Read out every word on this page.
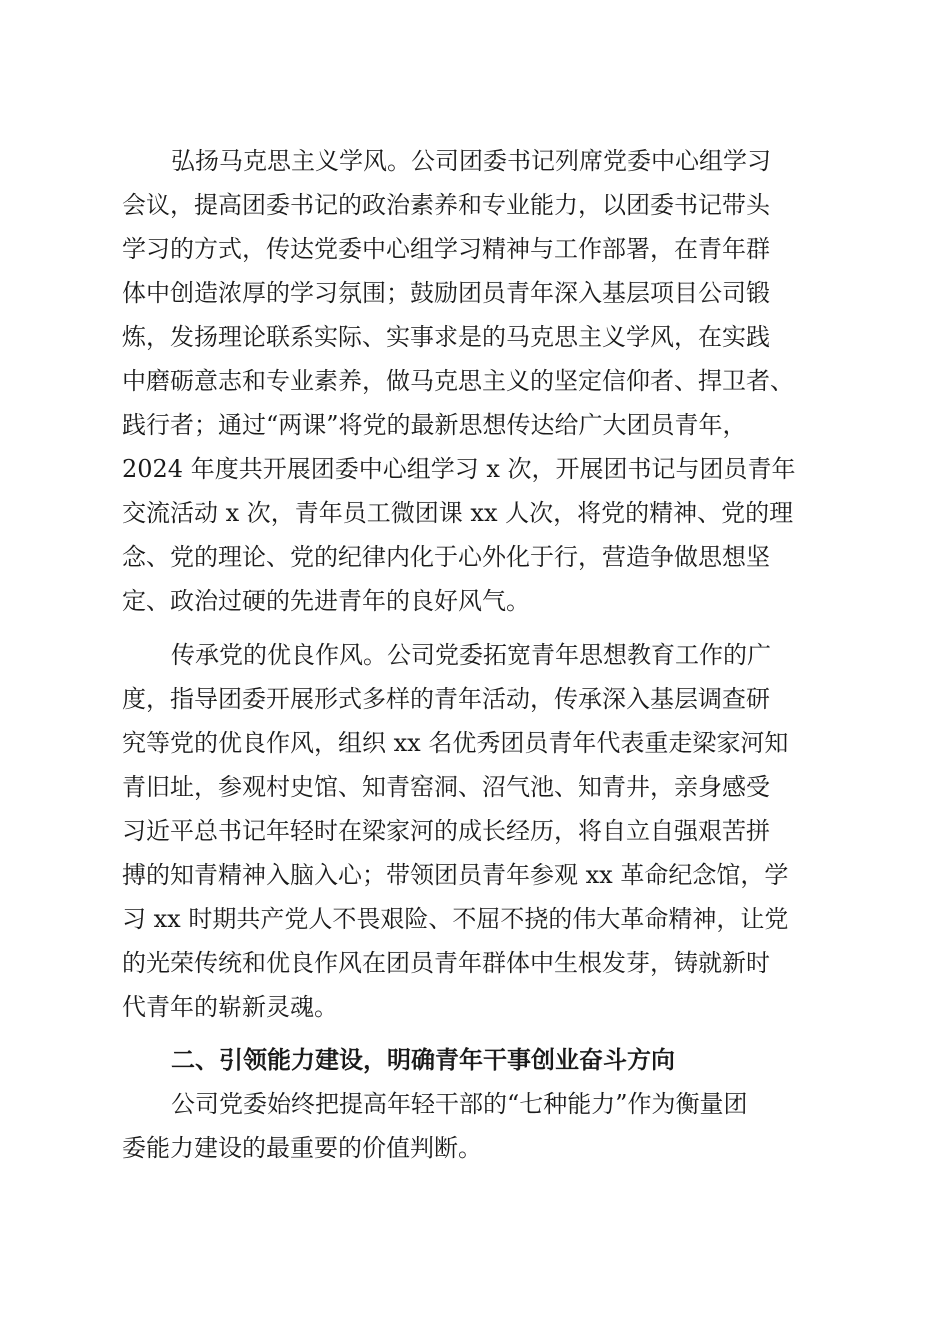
弘扬马克思主义学风。公司团委书记列席党委中心组学习
会议，提高团委书记的政治素养和专业能力，以团委书记带头
学习的方式，传达党委中心组学习精神与工作部署，在青年群
体中创造浓厚的学习氛围；鼓励团员青年深入基层项目公司锻
炼，发扬理论联系实际、实事求是的马克思主义学风，在实践
中磨砺意志和专业素养，做马克思主义的坚定信仰者、捍卫者、
践行者；通过“两课”将党的最新思想传达给广大团员青年，
2024 年度共开展团委中心组学习 x 次，开展团书记与团员青年
交流活动 x 次，青年员工微团课 xx 人次，将党的精神、党的理
念、党的理论、党的纪律内化于心外化于行，营造争做思想坚
定、政治过硬的先进青年的良好风气。
传承党的优良作风。公司党委拓宽青年思想教育工作的广
度，指导团委开展形式多样的青年活动，传承深入基层调查研
究等党的优良作风，组织 xx 名优秀团员青年代表重走梁家河知
青旧址，参观村史馆、知青窑洞、沼气池、知青井，亲身感受
习近平总书记年轻时在梁家河的成长经历，将自立自强艰苦拼
搏的知青精神入脑入心；带领团员青年参观 xx 革命纪念馆，学
习 xx 时期共产党人不畏艰险、不屈不挠的伟大革命精神，让党
的光荣传统和优良作风在团员青年群体中生根发芽，铸就新时
代青年的崭新灵魂。
二、引领能力建设，明确青年干事创业奋斗方向
公司党委始终把提高年轻干部的“七种能力”作为衡量团
委能力建设的最重要的价值判断。
